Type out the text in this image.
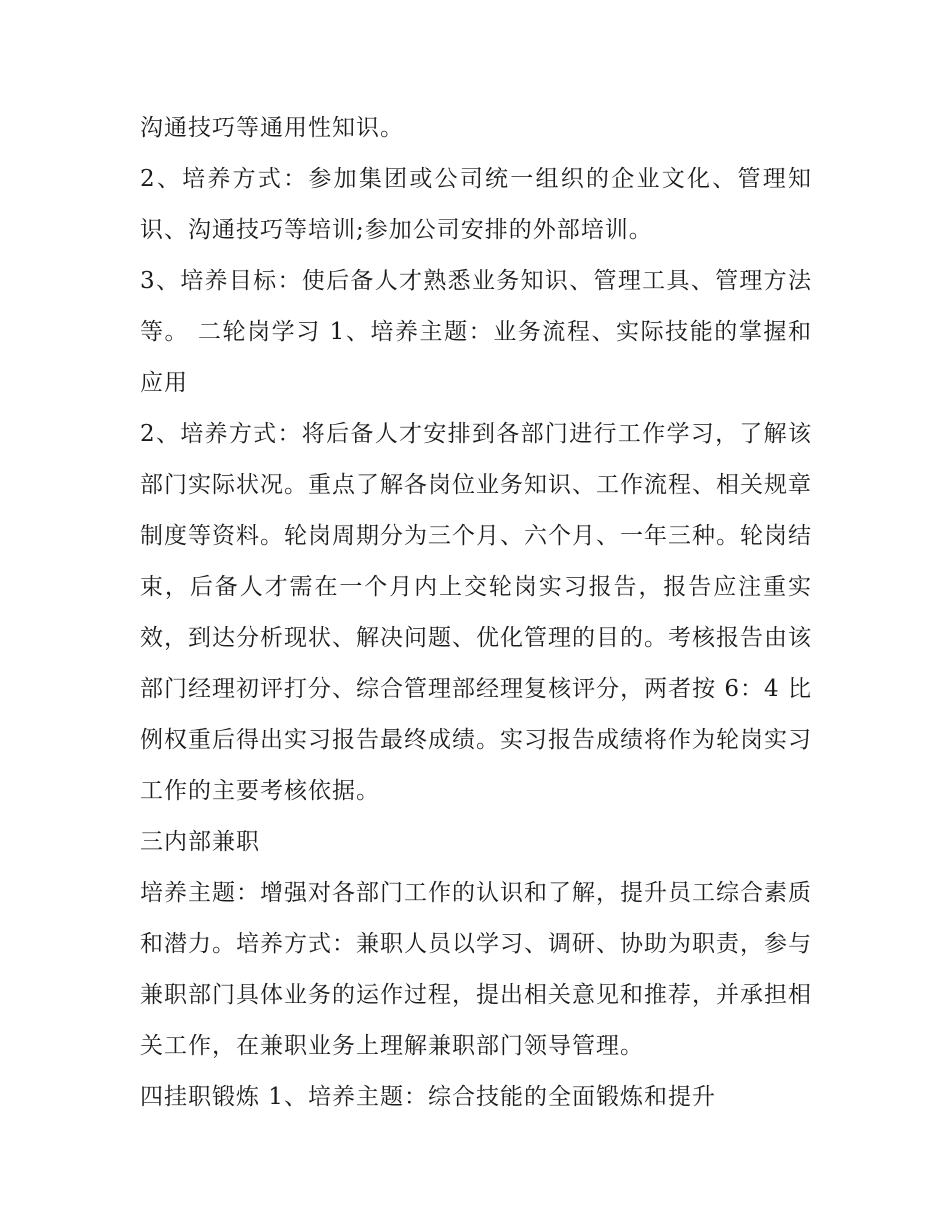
沟通技巧等通用性知识。

2、培养方式：参加集团或公司统一组织的企业文化、管理知识、沟通技巧等培训;参加公司安排的外部培训。

3、培养目标：使后备人才熟悉业务知识、管理工具、管理方法等。 二轮岗学习 1、培养主题：业务流程、实际技能的掌握和应用

2、培养方式：将后备人才安排到各部门进行工作学习，了解该部门实际状况。重点了解各岗位业务知识、工作流程、相关规章制度等资料。轮岗周期分为三个月、六个月、一年三种。轮岗结束，后备人才需在一个月内上交轮岗实习报告，报告应注重实效，到达分析现状、解决问题、优化管理的目的。考核报告由该部门经理初评打分、综合管理部经理复核评分，两者按 6：4 比例权重后得出实习报告最终成绩。实习报告成绩将作为轮岗实习工作的主要考核依据。

三内部兼职

培养主题：增强对各部门工作的认识和了解，提升员工综合素质和潜力。培养方式：兼职人员以学习、调研、协助为职责，参与兼职部门具体业务的运作过程，提出相关意见和推荐，并承担相关工作，在兼职业务上理解兼职部门领导管理。

四挂职锻炼 1、培养主题：综合技能的全面锻炼和提升
